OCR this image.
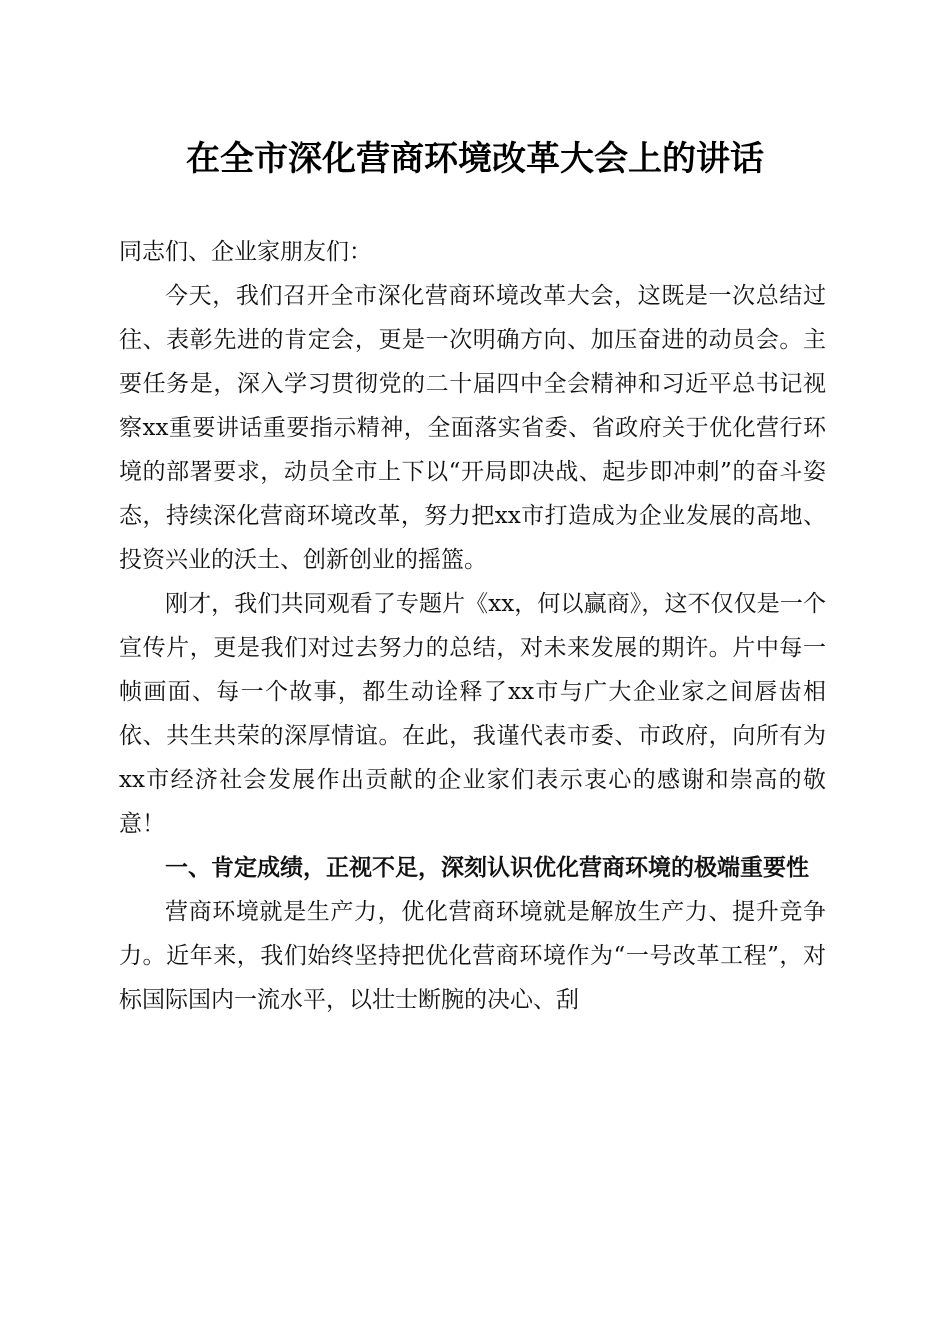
在全市深化营商环境改革大会上的讲话

同志们、企业家朋友们：

今天，我们召开全市深化营商环境改革大会，这既是一次总结过往、表彰先进的肯定会，更是一次明确方向、加压奋进的动员会。主要任务是，深入学习贯彻党的二十届四中全会精神和习近平总书记视察xx重要讲话重要指示精神，全面落实省委、省政府关于优化营行环境的部署要求，动员全市上下以“开局即决战、起步即冲刺”的奋斗姿态，持续深化营商环境改革，努力把xx市打造成为企业发展的高地、投资兴业的沃土、创新创业的摇篮。

刚才，我们共同观看了专题片《xx，何以赢商》，这不仅仅是一个宣传片，更是我们对过去努力的总结，对未来发展的期许。片中每一帧画面、每一个故事，都生动诠释了xx市与广大企业家之间唇齿相依、共生共荣的深厚情谊。在此，我谨代表市委、市政府，向所有为xx市经济社会发展作出贡献的企业家们表示衷心的感谢和崇高的敬意！

一、肯定成绩，正视不足，深刻认识优化营商环境的极端重要性

营商环境就是生产力，优化营商环境就是解放生产力、提升竞争力。近年来，我们始终坚持把优化营商环境作为“一号改革工程”，对标国际国内一流水平，以壮士断腕的决心、刮
